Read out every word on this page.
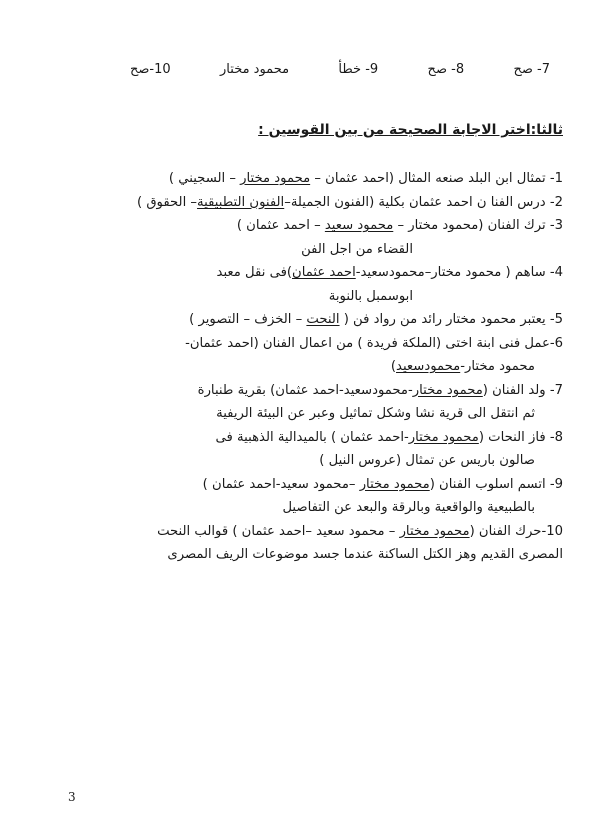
7- صح
8- صح
9- خطأ
محمود مختار
10-صح
ثالثا:اختر الاجابة الصحيحة من بين القوسين :
1- تمثال ابن البلد صنعه المثال (احمد عثمان – محمود مختار – السجيني )
2- درس الفنا ن احمد عثمان بكلية (الفنون الجميلة–الفنون التطبيقية– الحقوق )
3- ترك الفنان (محمود مختار – محمود سعيد – احمد عثمان )
القضاء من اجل الفن
4- ساهم ( محمود مختار–محمودسعيد-احمد عثمان)فى نقل معبد
ابوسمبل بالنوبة
5- يعتبر محمود مختار رائد من رواد فن ( النحت – الخزف – التصوير )
6-عمل فنى ابنة اختى (الملكة فريدة ) من اعمال الفنان (احمد عثمان-
محمود مختار-محمودسعيد)
7- ولد الفنان (محمود مختار-محمودسعيد-احمد عثمان) بقرية طنبارة
ثم انتقل الى قرية نشا وشكل تماثيل وعبر عن البيئة الريفية
8- فاز النحات (محمود مختار-احمد عثمان ) بالميدالية الذهبية فى
صالون باريس عن تمثال (عروس النيل )
9- اتسم اسلوب الفنان (محمود مختار –محمود سعيد-احمد عثمان )
بالطبيعية والواقعية وبالرقة والبعد عن التفاصيل
10-حرك الفنان (محمود مختار – محمود سعيد –احمد عثمان ) قوالب النحت
المصرى القديم وهز الكتل الساكنة عندما جسد موضوعات الريف المصرى
3
